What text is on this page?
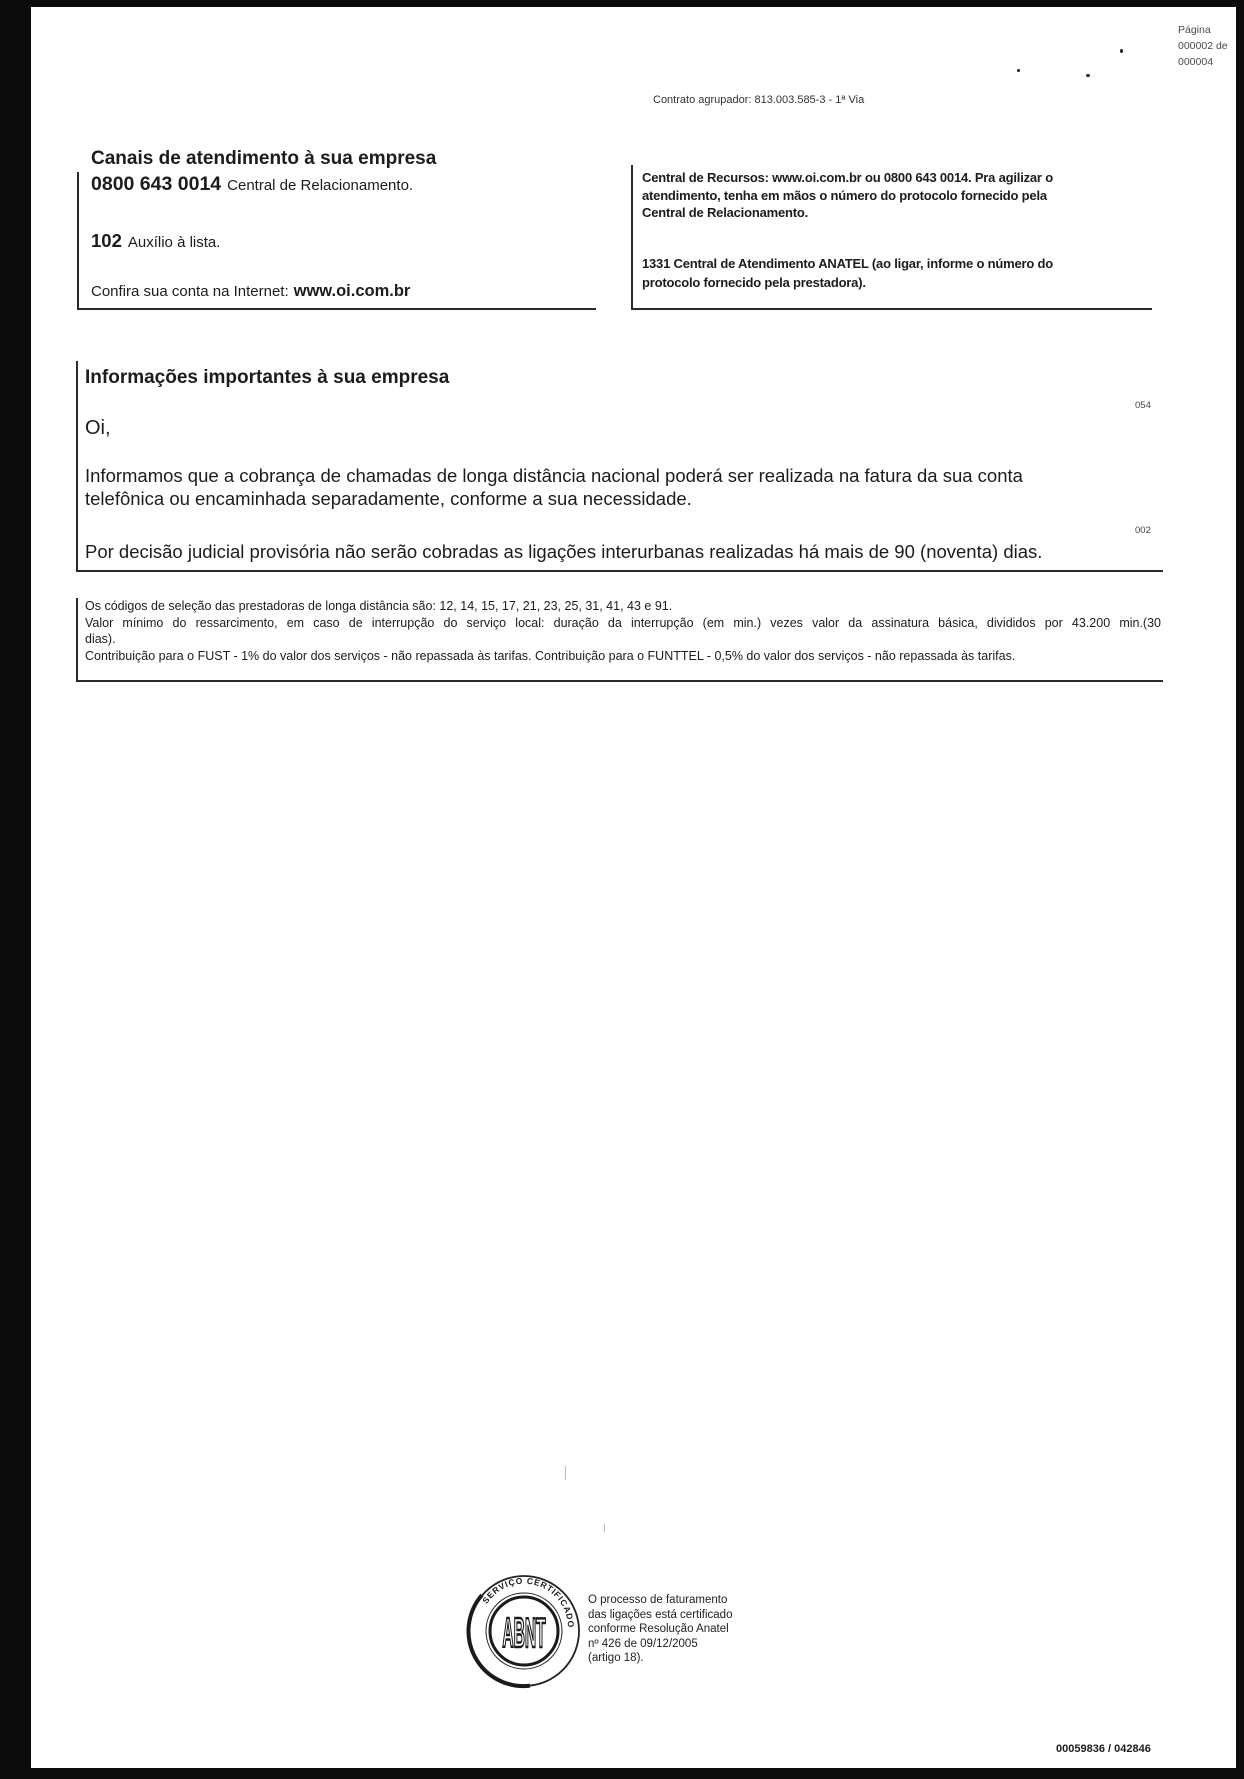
Página
000002 de
000004
Contrato agrupador: 813.003.585-3 - 1ª Via
Canais de atendimento à sua empresa
0800 643 0014 Central de Relacionamento.
102 Auxílio à lista.
Confira sua conta na Internet: www.oi.com.br
Central de Recursos: www.oi.com.br ou 0800 643 0014. Pra agilizar o
atendimento, tenha em mãos o número do protocolo fornecido pela
Central de Relacionamento.
1331 Central de Atendimento ANATEL (ao ligar, informe o número do
protocolo fornecido pela prestadora).
Informações importantes à sua empresa
054
Oi,
Informamos que a cobrança de chamadas de longa distância nacional poderá ser realizada na fatura da sua conta
telefônica ou encaminhada separadamente, conforme a sua necessidade.
002
Por decisão judicial provisória não serão cobradas as ligações interurbanas realizadas há mais de 90 (noventa) dias.
Os códigos de seleção das prestadoras de longa distância são: 12, 14, 15, 17, 21, 23, 25, 31, 41, 43 e 91.
Valor mínimo do ressarcimento, em caso de interrupção do serviço local: duração da interrupção (em min.) vezes valor da assinatura básica, divididos por 43.200 min.(30
dias).
Contribuição para o FUST - 1% do valor dos serviços - não repassada às tarifas. Contribuição para o FUNTTEL - 0,5% do valor dos serviços - não repassada às tarifas.
SERVIÇO CERTIFICADO
ABNT
O processo de faturamento
das ligações está certificado
conforme Resolução Anatel
nº 426 de 09/12/2005
(artigo 18).
00059836 / 042846
